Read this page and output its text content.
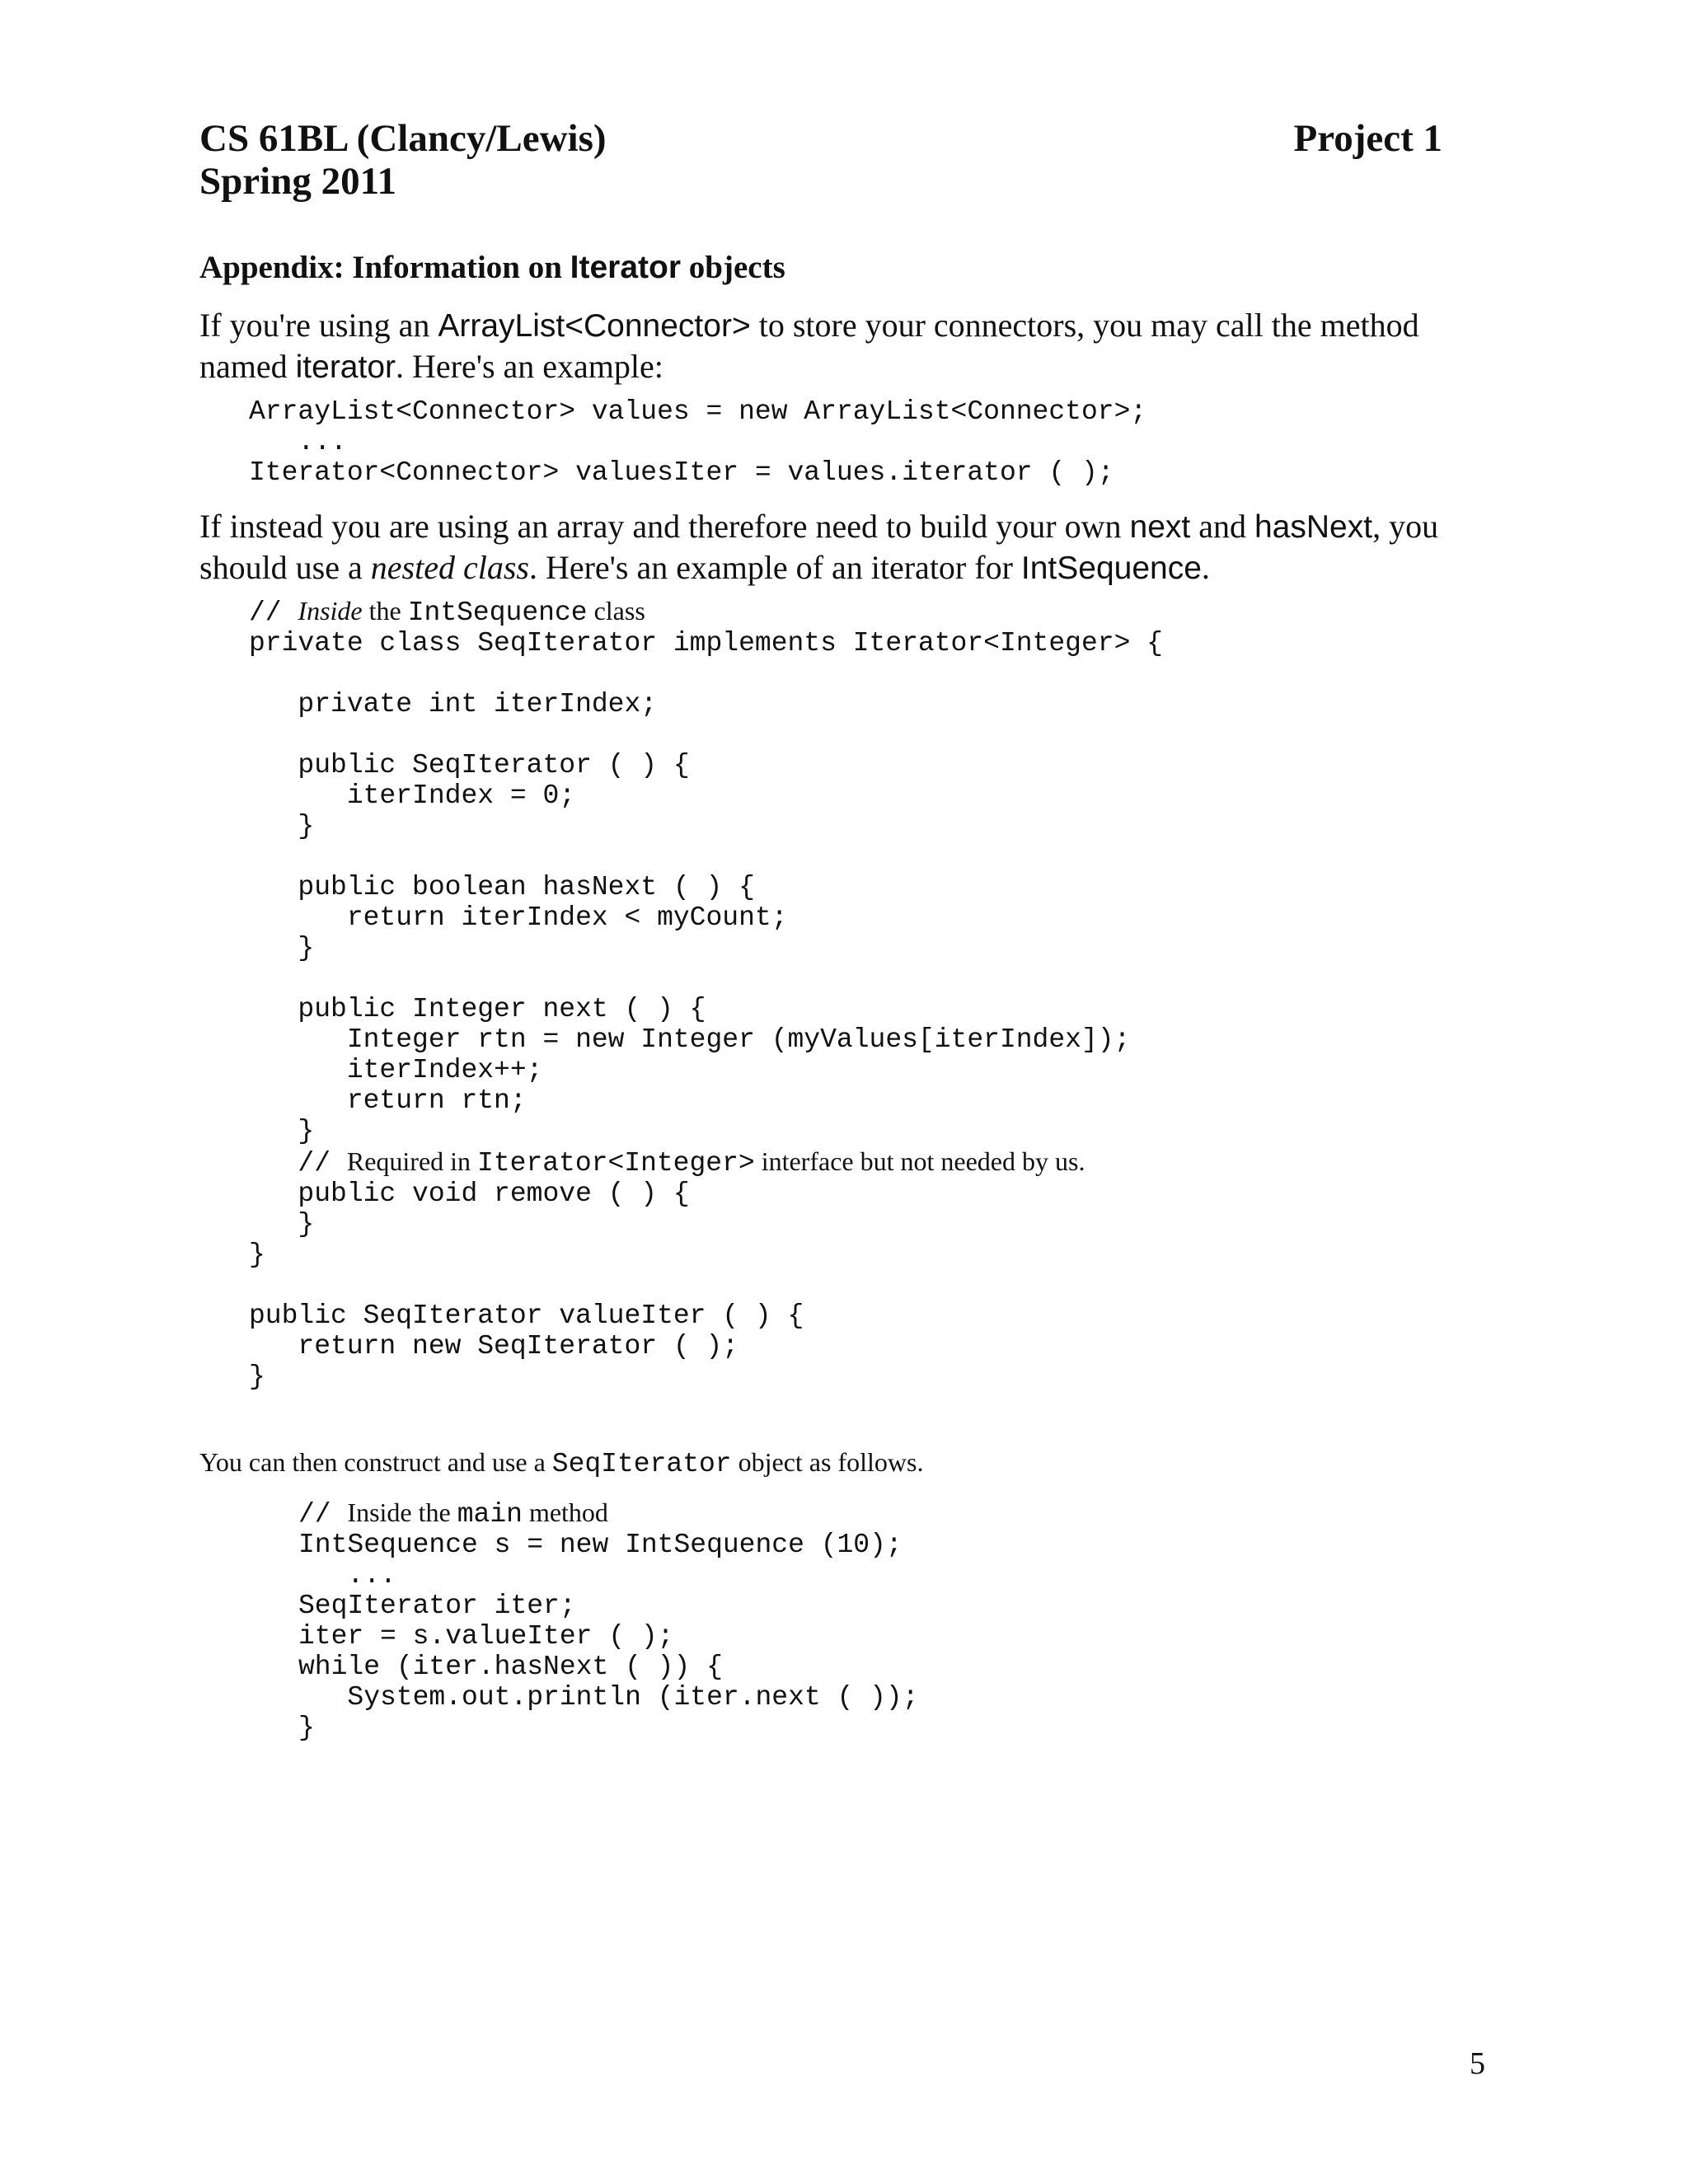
CS 61BL (Clancy/Lewis)	Project 1
Spring 2011
Appendix: Information on Iterator objects
If you're using an ArrayList<Connector> to store your connectors, you may call the method named iterator. Here's an example:
ArrayList<Connector> values = new ArrayList<Connector>;
...
Iterator<Connector> valuesIter = values.iterator ( );
If instead you are using an array and therefore need to build your own next and hasNext, you should use a nested class. Here's an example of an iterator for IntSequence.
// Inside the IntSequence class
private class SeqIterator implements Iterator<Integer> {

private int iterIndex;

public SeqIterator ( ) {
iterIndex = 0;
}

public boolean hasNext ( ) {
return iterIndex < myCount;
}

public Integer next ( ) {
Integer rtn = new Integer (myValues[iterIndex]);
iterIndex++;
return rtn;
}
// Required in Iterator<Integer> interface but not needed by us.
public void remove ( ) {
}
}

public SeqIterator valueIter ( ) {
return new SeqIterator ( );
}
You can then construct and use a SeqIterator object as follows.
// Inside the main method
IntSequence s = new IntSequence (10);
...
SeqIterator iter;
iter = s.valueIter ( );
while (iter.hasNext ( )) {
System.out.println (iter.next ( ));
}
5
